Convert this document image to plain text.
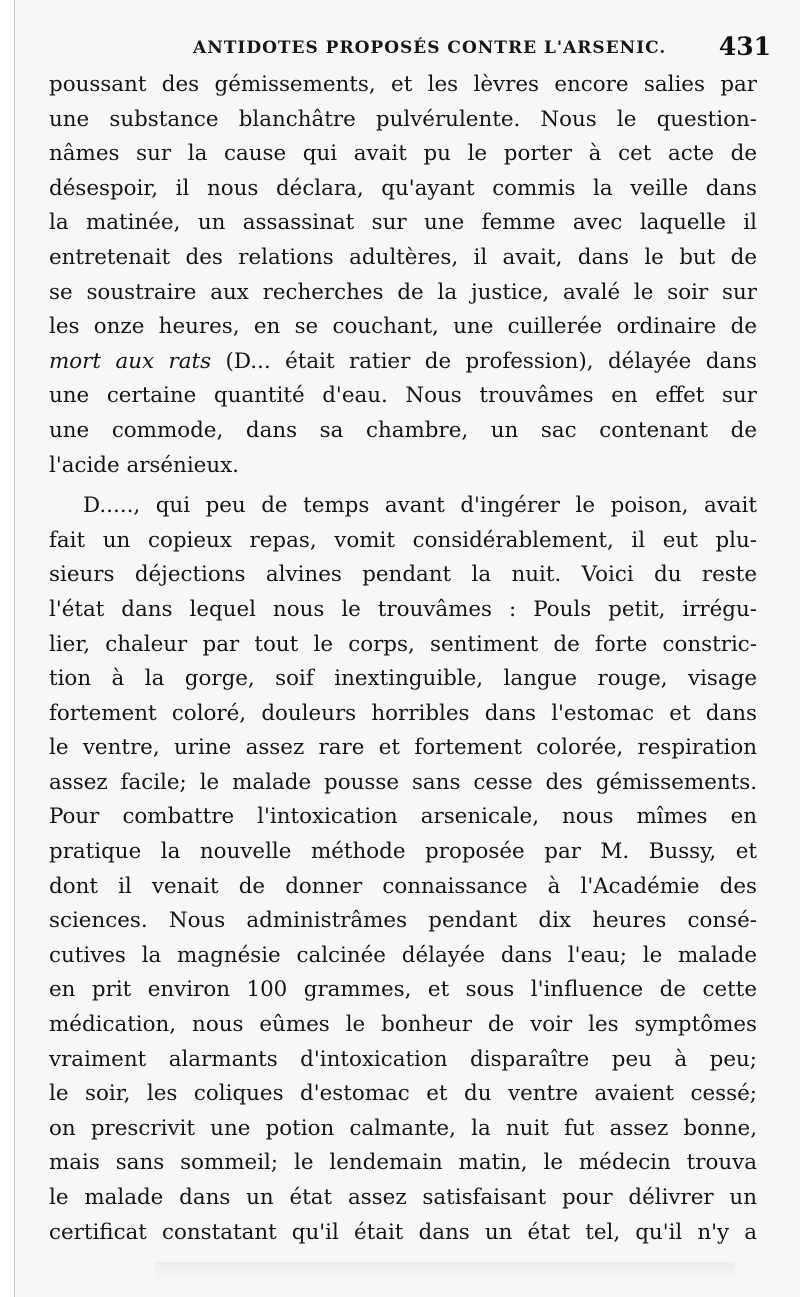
ANTIDOTES PROPOSÉS CONTRE L'ARSENIC. 431
poussant des gémissements, et les lèvres encore salies par
une substance blanchâtre pulvérulente. Nous le question-
nâmes sur la cause qui avait pu le porter à cet acte de
désespoir, il nous déclara, qu'ayant commis la veille dans
la matinée, un assassinat sur une femme avec laquelle il
entretenait des relations adultères, il avait, dans le but de
se soustraire aux recherches de la justice, avalé le soir sur
les onze heures, en se couchant, une cuillerée ordinaire de
mort aux rats (D... était ratier de profession), délayée dans
une certaine quantité d'eau. Nous trouvâmes en effet sur
une commode, dans sa chambre, un sac contenant de
l'acide arsénieux.
D....., qui peu de temps avant d'ingérer le poison, avait
fait un copieux repas, vomit considérablement, il eut plu-
sieurs déjections alvines pendant la nuit. Voici du reste
l'état dans lequel nous le trouvâmes : Pouls petit, irrégu-
lier, chaleur par tout le corps, sentiment de forte constric-
tion à la gorge, soif inextinguible, langue rouge, visage
fortement coloré, douleurs horribles dans l'estomac et dans
le ventre, urine assez rare et fortement colorée, respiration
assez facile; le malade pousse sans cesse des gémissements.
Pour combattre l'intoxication arsenicale, nous mîmes en
pratique la nouvelle méthode proposée par M. Bussy, et
dont il venait de donner connaissance à l'Académie des
sciences. Nous administrâmes pendant dix heures consé-
cutives la magnésie calcinée délayée dans l'eau; le malade
en prit environ 100 grammes, et sous l'influence de cette
médication, nous eûmes le bonheur de voir les symptômes
vraiment alarmants d'intoxication disparaître peu à peu;
le soir, les coliques d'estomac et du ventre avaient cessé;
on prescrivit une potion calmante, la nuit fut assez bonne,
mais sans sommeil; le lendemain matin, le médecin trouva
le malade dans un état assez satisfaisant pour délivrer un
certificat constatant qu'il était dans un état tel, qu'il n'y a
